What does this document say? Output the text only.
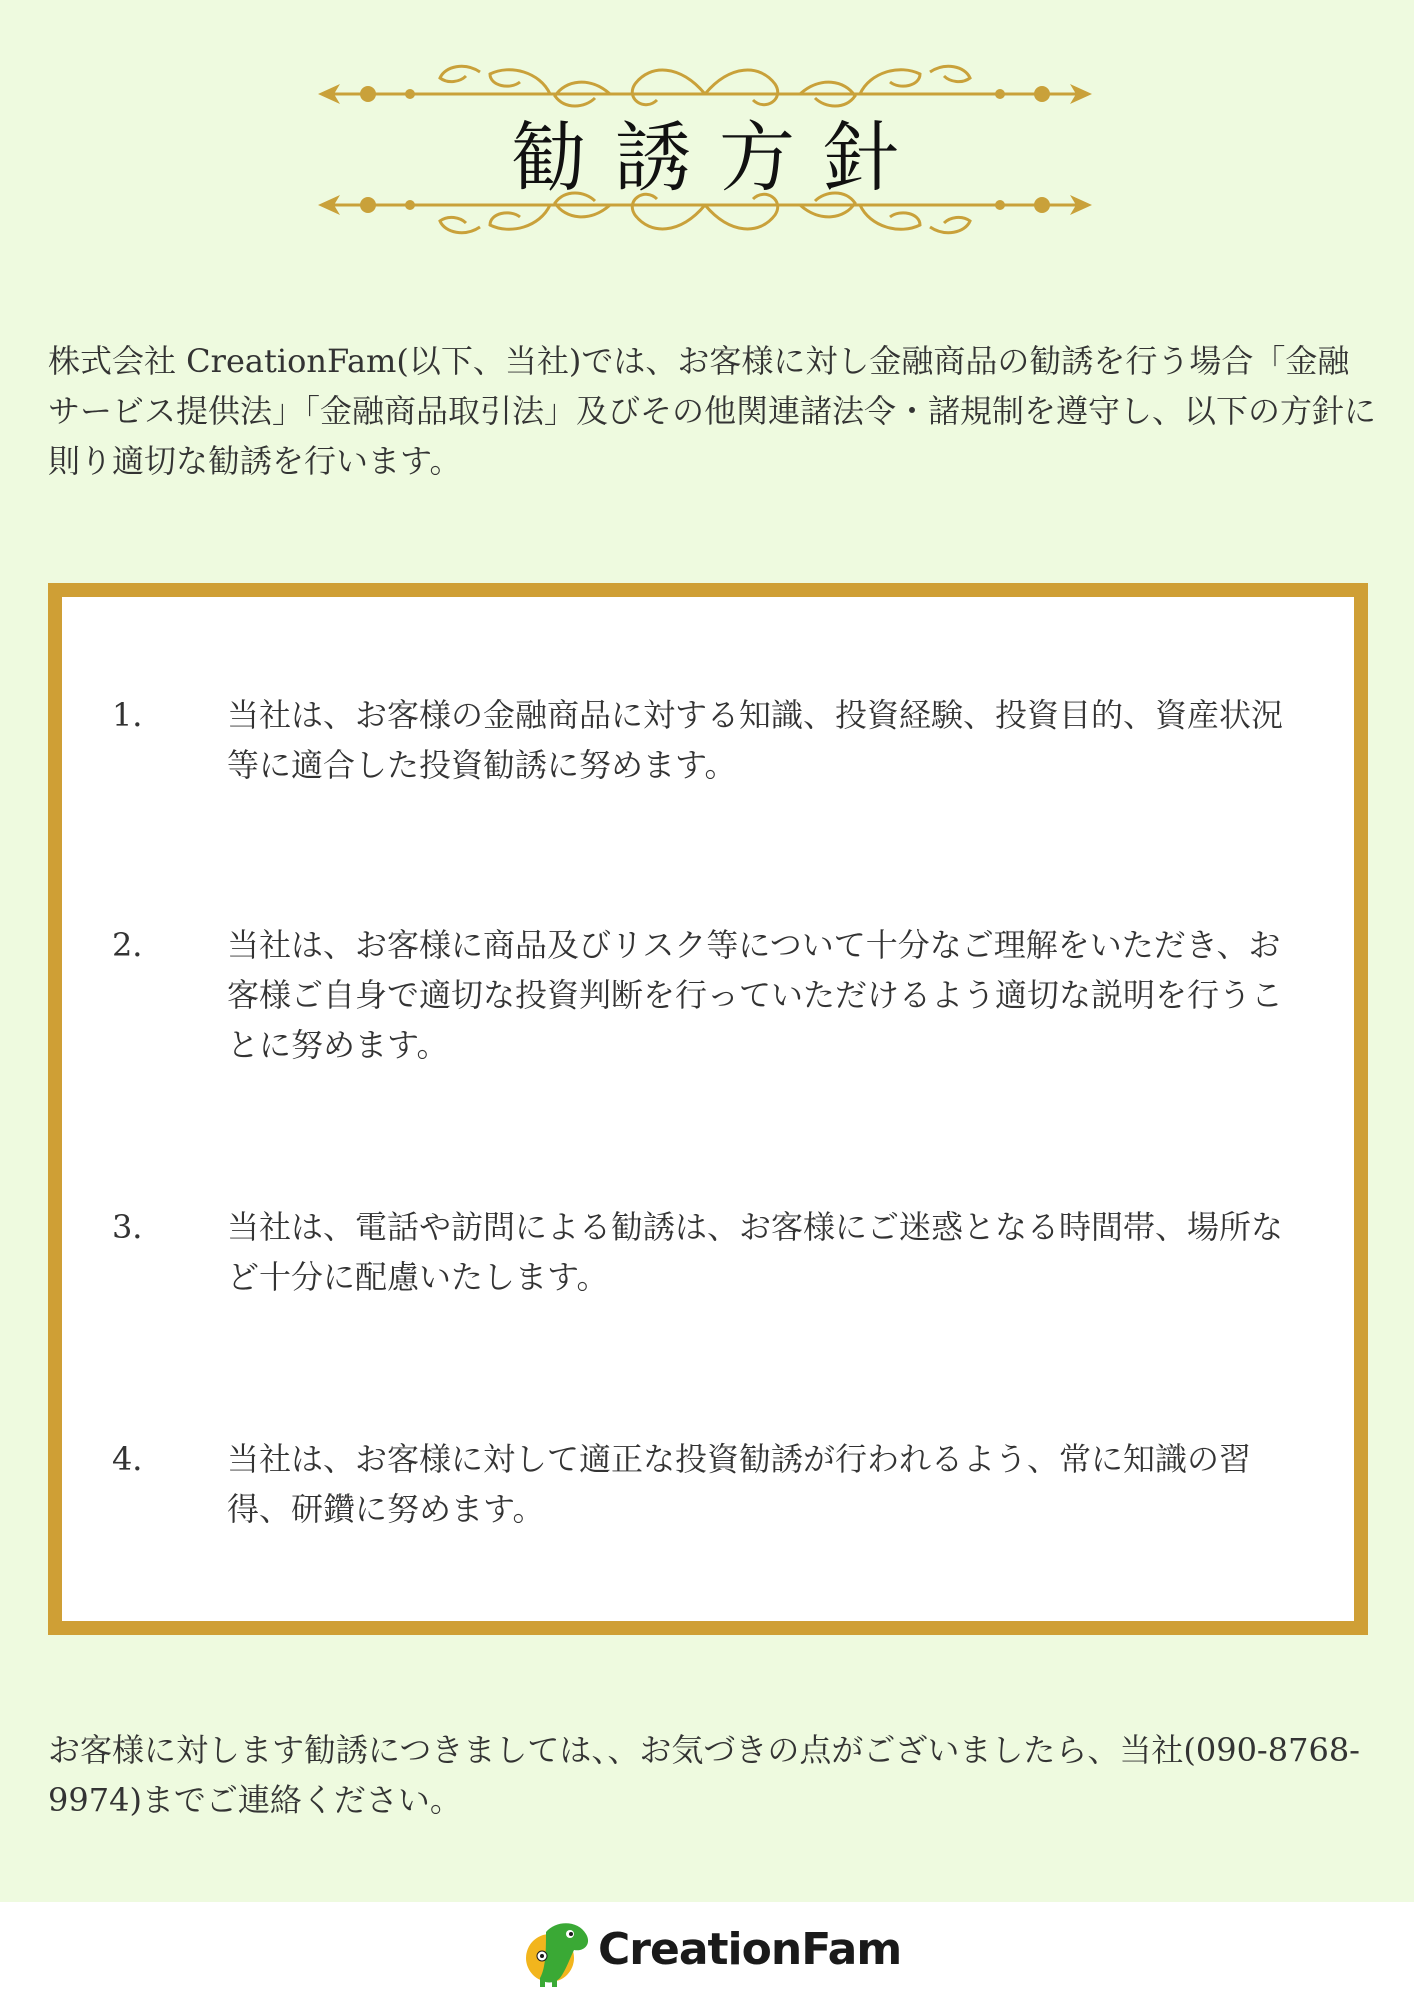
勧誘方針
株式会社 CreationFam(以下、当社)では、お客様に対し金融商品の勧誘を行う場合「金融サービス提供法」「金融商品取引法」及びその他関連諸法令・諸規制を遵守し、以下の方針に則り適切な勧誘を行います。
1．	当社は、お客様の金融商品に対する知識、投資経験、投資目的、資産状況等に適合した投資勧誘に努めます。
2．	当社は、お客様に商品及びリスク等について十分なご理解をいただき、お客様ご自身で適切な投資判断を行っていただけるよう適切な説明を行うことに努めます。
3．	当社は、電話や訪問による勧誘は、お客様にご迷惑となる時間帯、場所など十分に配慮いたします。
4．	当社は、お客様に対して適正な投資勧誘が行われるよう、常に知識の習得、研鑽に努めます。
お客様に対します勧誘につきましては、、お気づきの点がございましたら、当社(090-8768-9974)までご連絡ください。
CreationFam
